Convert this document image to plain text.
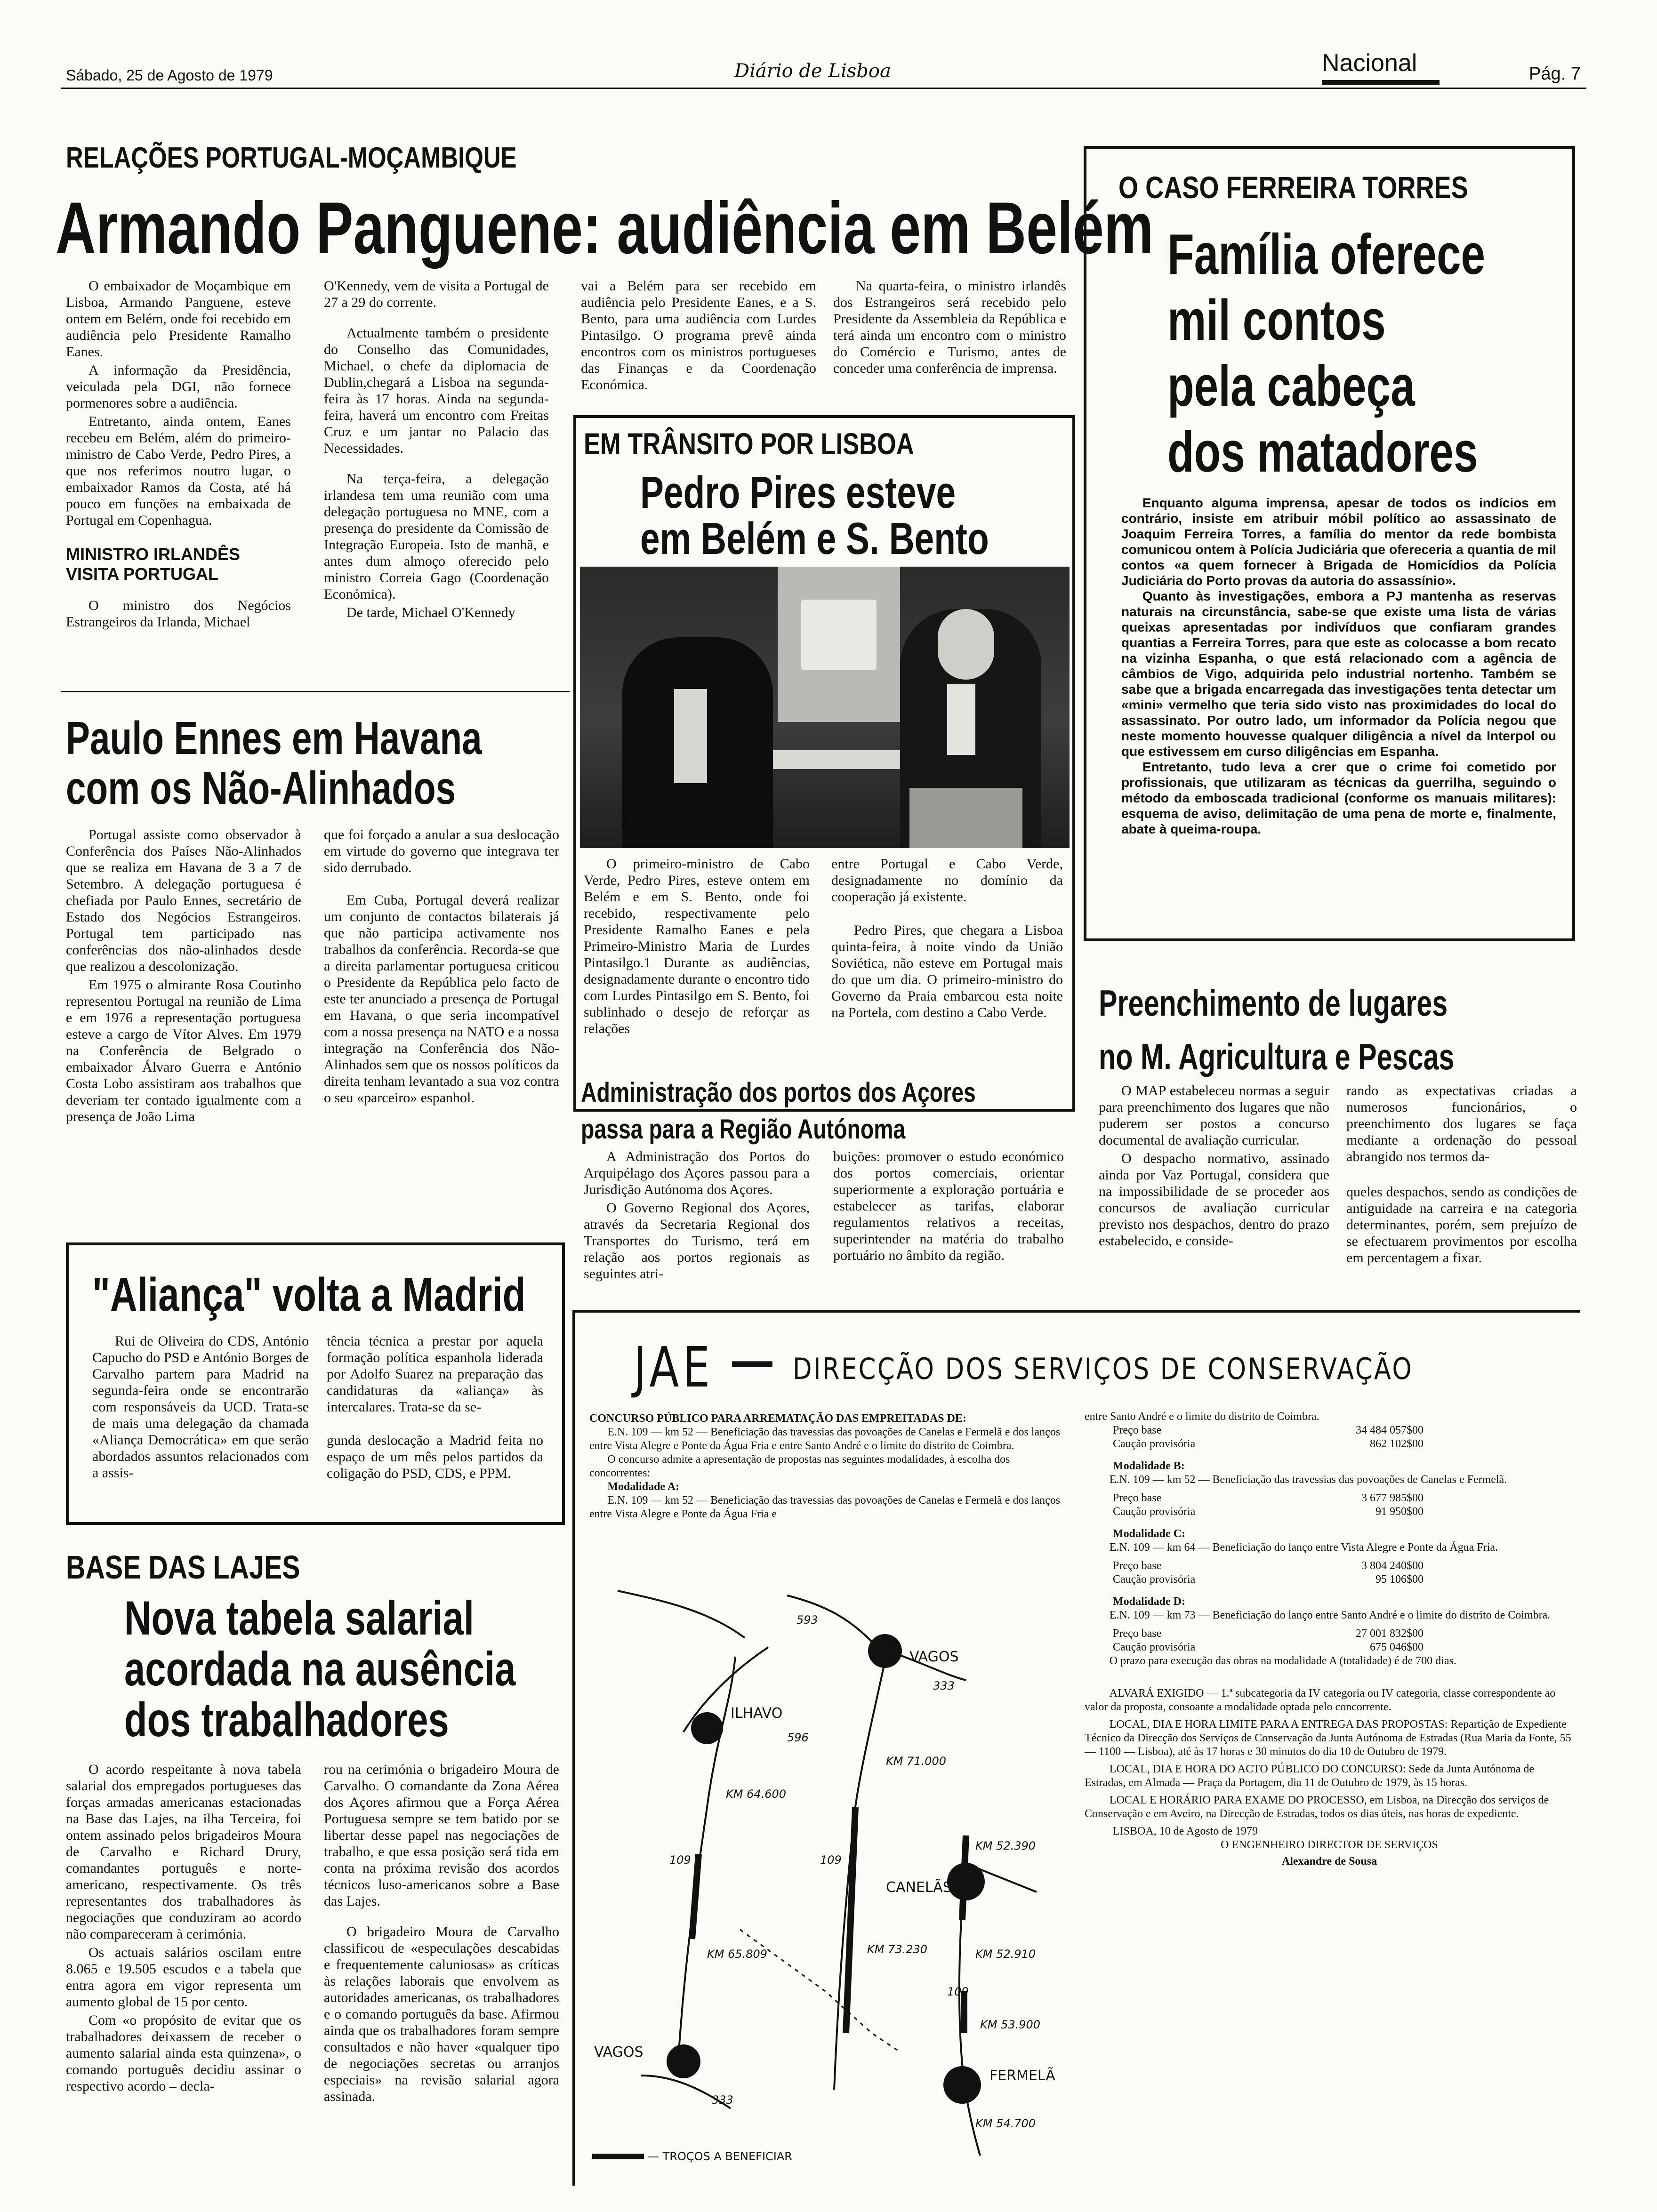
Sábado, 25 de Agosto de 1979	Diário de Lisboa	Nacional	Pág. 7
RELAÇÕES PORTUGAL-MOÇAMBIQUE
Armando Panguene: audiência em Belém

O embaixador de Moçambique em Lisboa, Armando Panguene, esteve ontem em Belém, onde foi recebido em audiência pelo Presidente Ramalho Eanes.

A informação da Presidência, veiculada pela DGI, não fornece pormenores sobre a audiência.

Entretanto, ainda ontem, Eanes recebeu em Belém, além do primeiro-ministro de Cabo Verde, Pedro Pires, a que nos referimos noutro lugar, o embaixador Ramos da Costa, até há pouco em funções na embaixada de Portugal em Copenhagua.

MINISTRO IRLANDÊS VISITA PORTUGAL

O ministro dos Negócios Estrangeiros da Irlanda, Michael

O'Kennedy, vem de visita a Portugal de 27 a 29 do corrente.

Actualmente também o presidente do Conselho das Comunidades, Michael, o chefe da diplomacia de Dublin,chegará a Lisboa na segunda-feira às 17 horas. Ainda na segunda-feira, haverá um encontro com Freitas Cruz e um jantar no Palacio das Necessidades.

Na terça-feira, a delegação irlandesa tem uma reunião com uma delegação portuguesa no MNE, com a presença do presidente da Comissão de Integração Europeia. Isto de manhã, e antes dum almoço oferecido pelo ministro Correia Gago (Coordenação Económica).

De tarde, Michael O'Kennedy

vai a Belém para ser recebido em audiência pelo Presidente Eanes, e a S. Bento, para uma audiência com Lurdes Pintasilgo. O programa prevê ainda encontros com os ministros portugueses das Finanças e da Coordenação Económica.

Na quarta-feira, o ministro irlandês dos Estrangeiros será recebido pelo Presidente da Assembleia da República e terá ainda um encontro com o ministro do Comércio e Turismo, antes de conceder uma conferência de imprensa.

EM TRÂNSITO POR LISBOA
Pedro Pires esteve
em Belém e S. Bento

O primeiro-ministro de Cabo Verde, Pedro Pires, esteve ontem em Belém e em S. Bento, onde foi recebido, respectivamente pelo Presidente Ramalho Eanes e pela Primeiro-Ministro Maria de Lurdes Pintasilgo.1 Durante as audiências, designadamente durante o encontro tido com Lurdes Pintasilgo em S. Bento, foi sublinhado o desejo de reforçar as relações

entre Portugal e Cabo Verde, designadamente no domínio da cooperação já existente.

Pedro Pires, que chegara a Lisboa quinta-feira, à noite vindo da União Soviética, não esteve em Portugal mais do que um dia. O primeiro-ministro do Governo da Praia embarcou esta noite na Portela, com destino a Cabo Verde.

O CASO FERREIRA TORRES
Família oferece
mil contos
pela cabeça
dos matadores

Enquanto alguma imprensa, apesar de todos os indícios em contrário, insiste em atribuir móbil político ao assassinato de Joaquim Ferreira Torres, a família do mentor da rede bombista comunicou ontem à Polícia Judiciária que ofereceria a quantia de mil contos «a quem fornecer à Brigada de Homicídios da Polícia Judiciária do Porto provas da autoria do assassínio».

Quanto às investigações, embora a PJ mantenha as reservas naturais na circunstância, sabe-se que existe uma lista de várias queixas apresentadas por indivíduos que confiaram grandes quantias a Ferreira Torres, para que este as colocasse a bom recato na vizinha Espanha, o que está relacionado com a agência de câmbios de Vigo, adquirida pelo industrial nortenho. Também se sabe que a brigada encarregada das investigações tenta detectar um «mini» vermelho que teria sido visto nas proximidades do local do assassinato. Por outro lado, um informador da Polícia negou que neste momento houvesse qualquer diligência a nível da Interpol ou que estivessem em curso diligências em Espanha.

Entretanto, tudo leva a crer que o crime foi cometido por profissionais, que utilizaram as técnicas da guerrilha, seguindo o método da emboscada tradicional (conforme os manuais militares): esquema de aviso, delimitação de uma pena de morte e, finalmente, abate à queima-roupa.

Paulo Ennes em Havana
com os Não-Alinhados

Portugal assiste como observador à Conferência dos Países Não-Alinhados que se realiza em Havana de 3 a 7 de Setembro. A delegação portuguesa é chefiada por Paulo Ennes, secretário de Estado dos Negócios Estrangeiros. Portugal tem participado nas conferências dos não-alinhados desde que realizou a descolonização.

Em 1975 o almirante Rosa Coutinho representou Portugal na reunião de Lima e em 1976 a representação portuguesa esteve a cargo de Vítor Alves. Em 1979 na Conferência de Belgrado o embaixador Álvaro Guerra e António Costa Lobo assistiram aos trabalhos que deveriam ter contado igualmente com a presença de João Lima

que foi forçado a anular a sua deslocação em virtude do governo que integrava ter sido derrubado.

Em Cuba, Portugal deverá realizar um conjunto de contactos bilaterais já que não participa activamente nos trabalhos da conferência. Recorda-se que a direita parlamentar portuguesa criticou o Presidente da República pelo facto de este ter anunciado a presença de Portugal em Havana, o que seria incompatível com a nossa presença na NATO e a nossa integração na Conferência dos Não-Alinhados sem que os nossos políticos da direita tenham levantado a sua voz contra o seu «parceiro» espanhol.	Administração dos portos dos Açores
passa para a Região Autónoma

A Administração dos Portos do Arquipélago dos Açores passou para a Jurisdição Autónoma dos Açores.

O Governo Regional dos Açores, através da Secretaria Regional dos Transportes do Turismo, terá em relação aos portos regionais as seguintes atri-

buições: promover o estudo económico dos portos comerciais, orientar superiormente a exploração portuária e estabelecer as tarifas, elaborar regulamentos relativos a receitas, superintender na matéria do trabalho portuário no âmbito da região.

Preenchimento de lugares
no M. Agricultura e Pescas

O MAP estabeleceu normas a seguir para preenchimento dos lugares que não puderem ser postos a concurso documental de avaliação curricular.

O despacho normativo, assinado ainda por Vaz Portugal, considera que na impossibilidade de se proceder aos concursos de avaliação curricular previsto nos despachos, dentro do prazo estabelecido, e conside-

rando as expectativas criadas a numerosos funcionários, o preenchimento dos lugares se faça mediante a ordenação do pessoal abrangido nos termos da-

queles despachos, sendo as condições de antiguidade na carreira e na categoria determinantes, porém, sem prejuízo de se efectuarem provimentos por escolha em percentagem a fixar.

"Aliança" volta a Madrid

Rui de Oliveira do CDS, António Capucho do PSD e António Borges de Carvalho partem para Madrid na segunda-feira onde se encontrarão com responsáveis da UCD. Trata-se de mais uma delegação da chamada «Aliança Democrática» em que serão abordados assuntos relacionados com a assis-

tência técnica a prestar por aquela formação política espanhola liderada por Adolfo Suarez na preparação das candidaturas da «aliança» às intercalares. Trata-se da se-

gunda deslocação a Madrid feita no espaço de um mês pelos partidos da coligação do PSD, CDS, e PPM.

BASE DAS LAJES
Nova tabela salarial
acordada na ausência
dos trabalhadores

O acordo respeitante à nova tabela salarial dos empregados portugueses das forças armadas americanas estacionadas na Base das Lajes, na ilha Terceira, foi ontem assinado pelos brigadeiros Moura de Carvalho e Richard Drury, comandantes português e norte-americano, respectivamente. Os três representantes dos trabalhadores às negociações que conduziram ao acordo não compareceram à cerimónia.

Os actuais salários oscilam entre 8.065 e 19.505 escudos e a tabela que entra agora em vigor representa um aumento global de 15 por cento.

Com «o propósito de evitar que os trabalhadores deixassem de receber o aumento salarial ainda esta quinzena», o comando português decidiu assinar o respectivo acordo – decla-

rou na cerimónia o brigadeiro Moura de Carvalho. O comandante da Zona Aérea dos Açores afirmou que a Força Aérea Portuguesa sempre se tem batido por se libertar desse papel nas negociações de trabalho, e que essa posição será tida em conta na próxima revisão dos acordos técnicos luso-americanos sobre a Base das Lajes.

O brigadeiro Moura de Carvalho classificou de «especulações descabidas e frequentemente caluniosas» as críticas às relações laborais que envolvem as autoridades americanas, os trabalhadores e o comando português da base. Afirmou ainda que os trabalhadores foram sempre consultados e não haver «qualquer tipo de negociações secretas ou arranjos especiais» na revisão salarial agora assinada.

JAE — DIRECÇÃO DOS SERVIÇOS DE CONSERVAÇÃO
CONCURSO PÚBLICO PARA ARREMATAÇÃO DAS EMPREITADAS DE:
E.N. 109 — km 52 — Beneficiação das travessias das povoações de Canelas e Fermelã e dos lanços entre Vista Alegre e Ponte da Água Fria e entre Santo André e o limite do distrito de Coimbra.
O concurso admite a apresentação de propostas nas seguintes modalidades, à escolha dos concorrentes:
Modalidade A:
E.N. 109 — km 52 — Beneficiação das travessias das povoações de Canelas e Fermelã e dos lanços entre Vista Alegre e Ponte da Água Fria e
VAGOS
ILHAVO
CANELÃS
VAGOS
FERMELÃ
KM 71.000
KM 64.600
KM 65.809	KM 73.230
KM 52.390
KM 52.910
KM 53.900
KM 54.700
593
333
596
109	109
109
333
— TROÇOS A BENEFICIAR
entre Santo André e o limite do distrito de Coimbra.
Preço base	34 484 057$00
Caução provisória	862 102$00
Modalidade B:
E.N. 109 — km 52 — Beneficiação das travessias das povoações de Canelas e Fermelã.
Preço base	3 677 985$00
Caução provisória	91 950$00
Modalidade C:
E.N. 109 — km 64 — Beneficiação do lanço entre Vista Alegre e Ponte da Água Fria.
Preço base	3 804 240$00
Caução provisória	95 106$00
Modalidade D:
E.N. 109 — km 73 — Beneficiação do lanço entre Santo André e o limite do distrito de Coimbra.
Preço base	27 001 832$00
Caução provisória	675 046$00
O prazo para execução das obras na modalidade A (totalidade) é de 700 dias.
ALVARÁ EXIGIDO — 1.ª subcategoria da IV categoria ou IV categoria, classe correspondente ao valor da proposta, consoante a modalidade optada pelo concorrente.
LOCAL, DIA E HORA LIMITE PARA A ENTREGA DAS PROPOSTAS: Repartição de Expediente Técnico da Direcção dos Serviços de Conservação da Junta Autónoma de Estradas (Rua Maria da Fonte, 55 — 1100 — Lisboa), até às 17 horas e 30 minutos do dia 10 de Outubro de 1979.
LOCAL, DIA E HORA DO ACTO PÚBLICO DO CONCURSO: Sede da Junta Autónoma de Estradas, em Almada — Praça da Portagem, dia 11 de Outubro de 1979, às 15 horas.
LOCAL E HORÁRIO PARA EXAME DO PROCESSO, em Lisboa, na Direcção dos serviços de Conservação e em Aveiro, na Direcção de Estradas, todos os dias úteis, nas horas de expediente.
LISBOA, 10 de Agosto de 1979
O ENGENHEIRO DIRECTOR DE SERVIÇOS
Alexandre de Sousa
